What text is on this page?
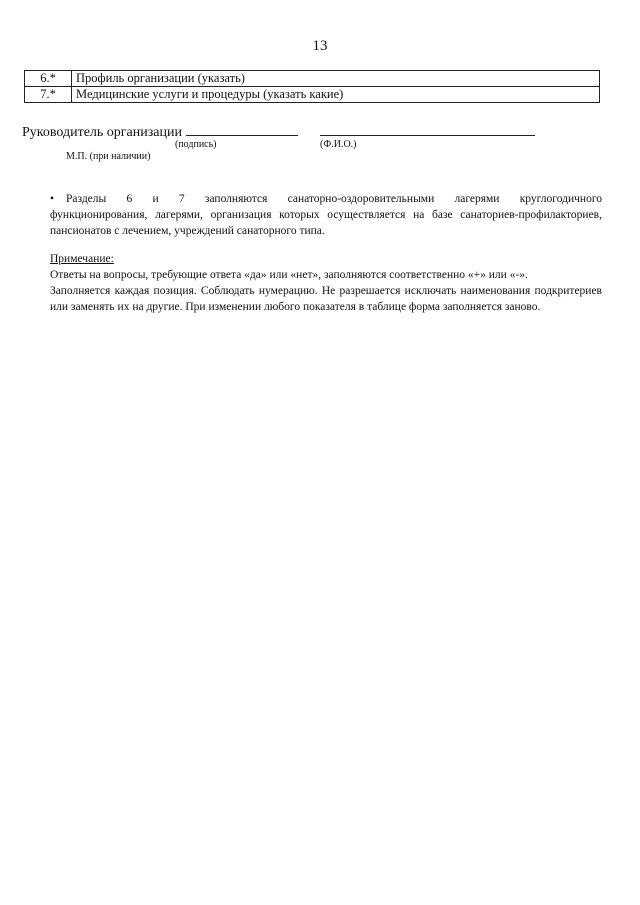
13
6.*	Профиль организации (указать)
7.*	Медицинские услуги и процедуры (указать какие)
Руководитель организации
(подпись)	(Ф.И.О.)
М.П. (при наличии)
• Разделы 6 и 7 заполняются санаторно-оздоровительными лагерями круглогодичного
функционирования, лагерями, организация которых осуществляется на базе санаториев-профилакториев, пансионатов с лечением, учреждений санаторного типа.
Примечание:
Ответы на вопросы, требующие ответа «да» или «нет», заполняются соответственно «+» или «-».
Заполняется каждая позиция. Соблюдать нумерацию. Не разрешается исключать наименования подкритериев или заменять их на другие. При изменении любого показателя в таблице форма заполняется заново.
